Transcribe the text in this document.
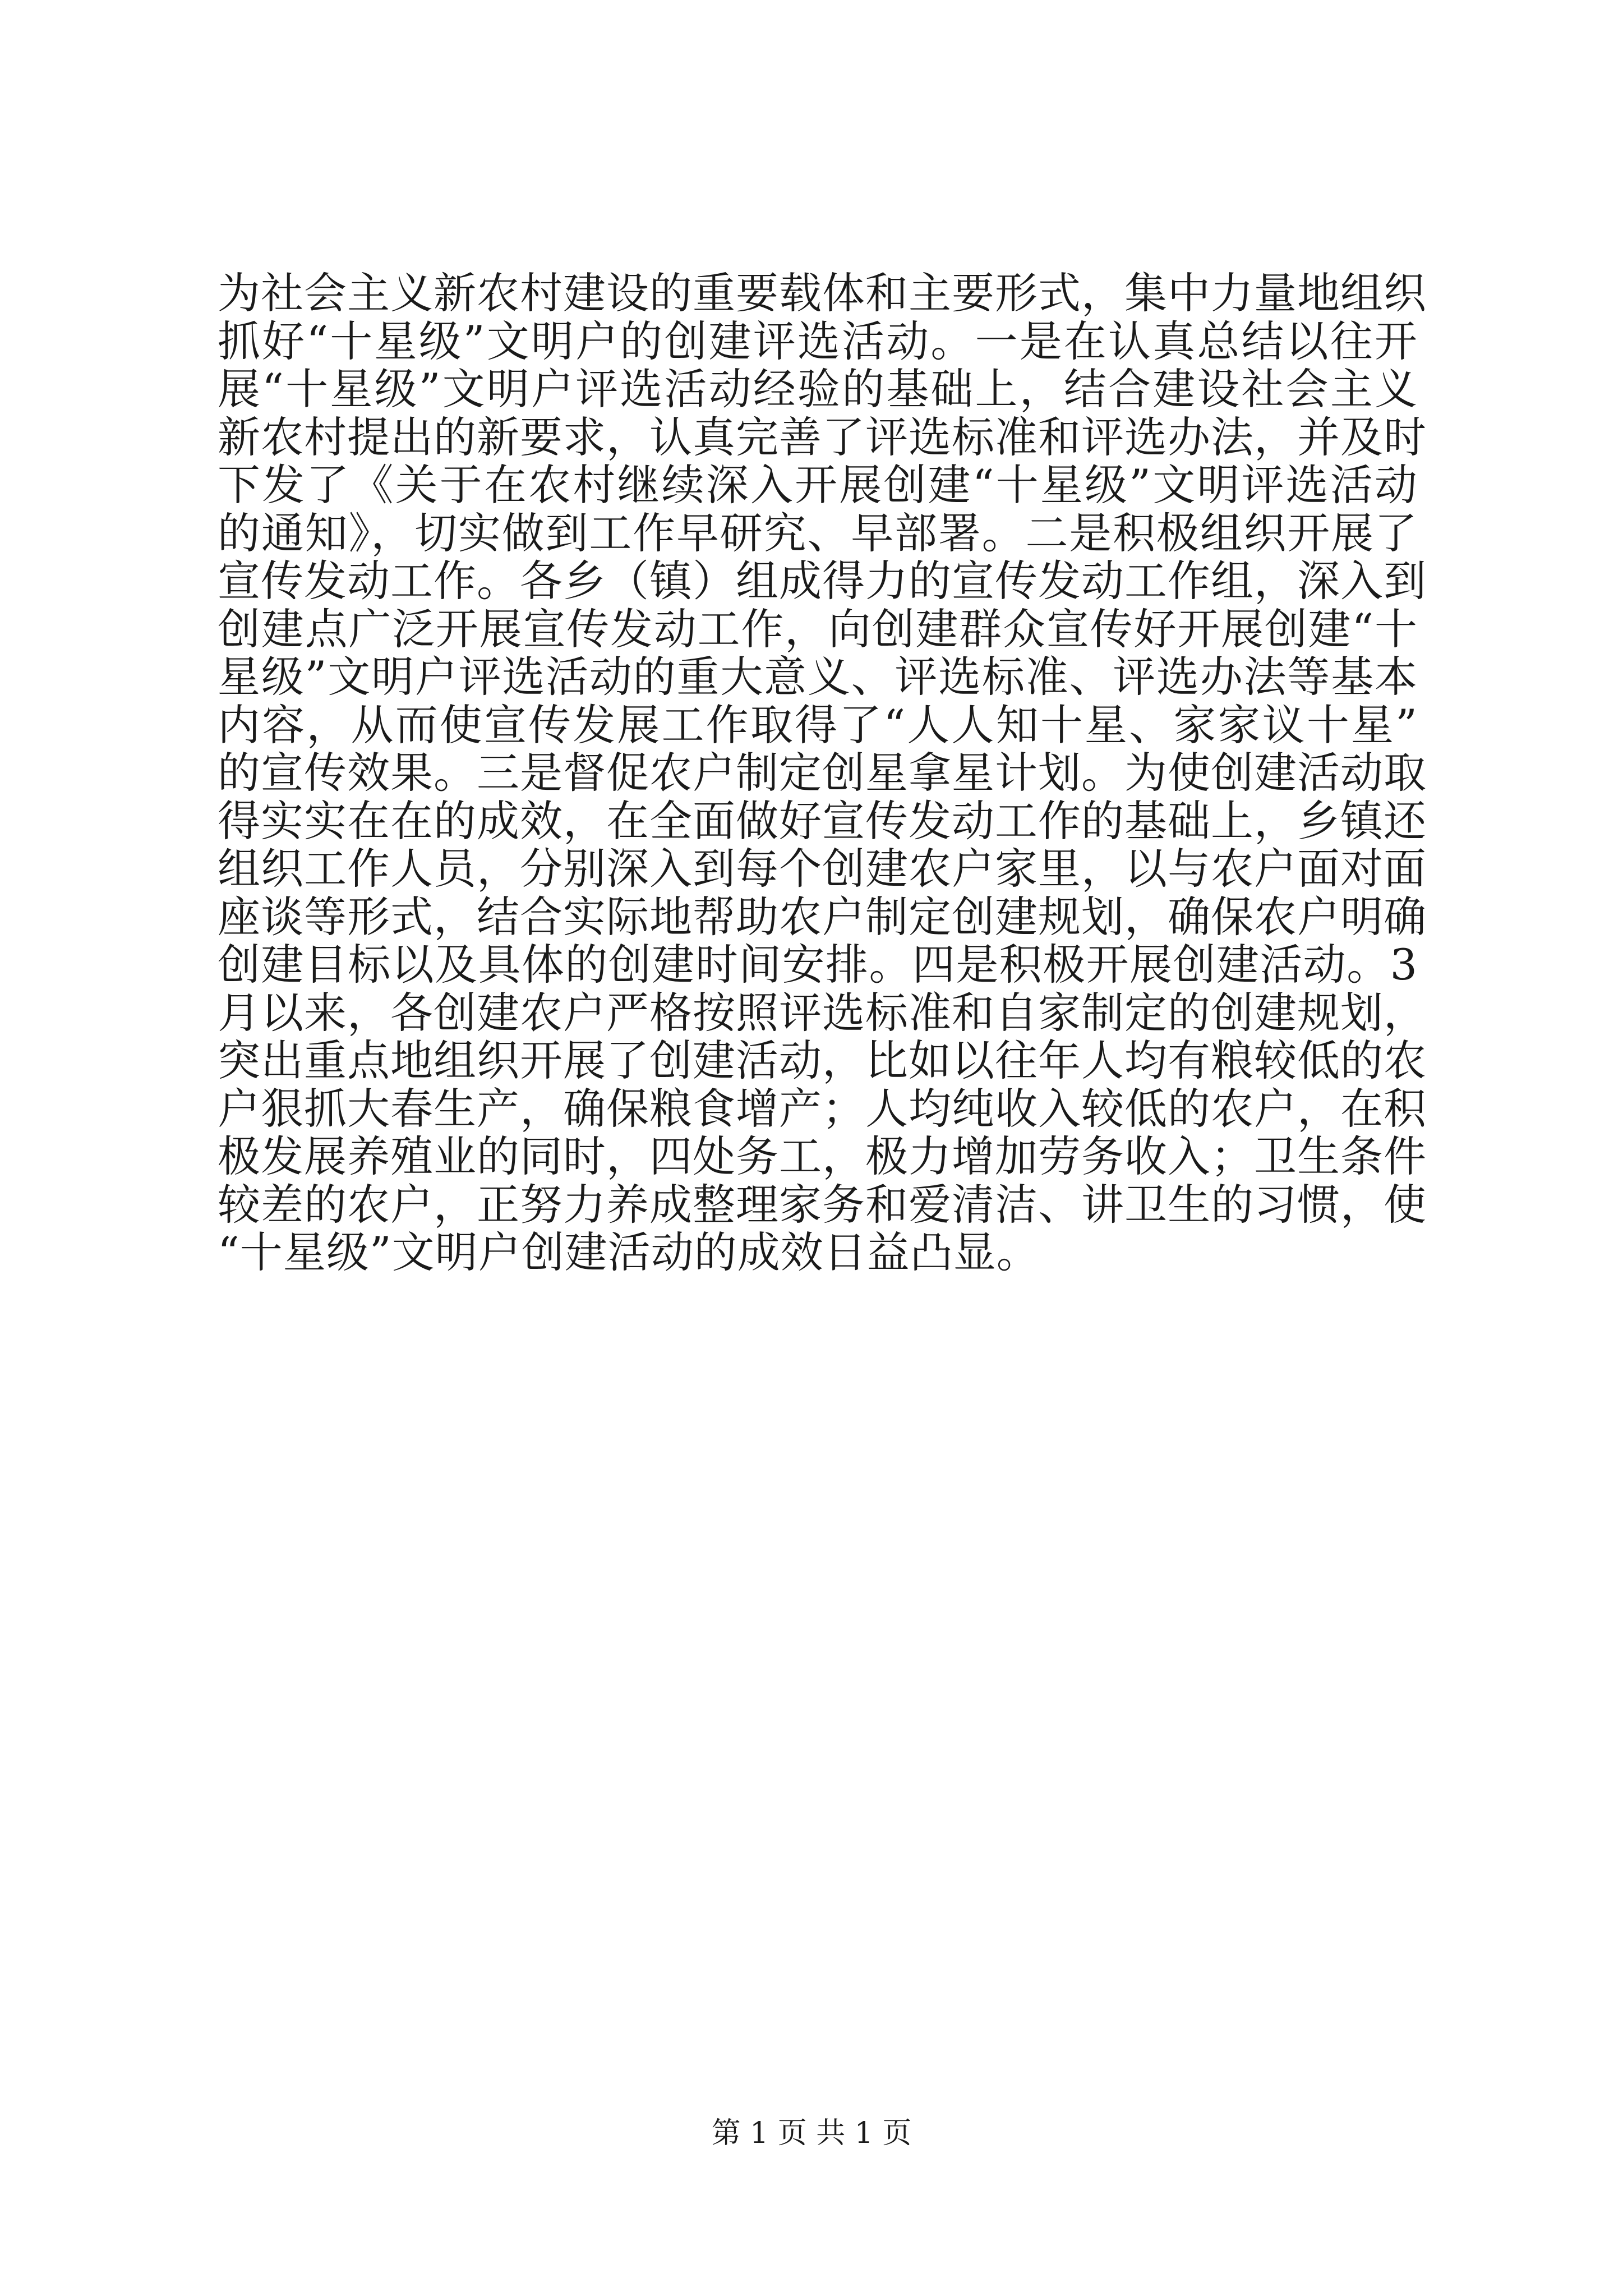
为社会主义新农村建设的重要载体和主要形式，集中力量地组织
抓好“十星级”文明户的创建评选活动。一是在认真总结以往开
展“十星级”文明户评选活动经验的基础上，结合建设社会主义
新农村提出的新要求，认真完善了评选标准和评选办法，并及时
下发了《关于在农村继续深入开展创建“十星级”文明评选活动
的通知》，切实做到工作早研究、早部署。二是积极组织开展了
宣传发动工作。各乡（镇）组成得力的宣传发动工作组，深入到
创建点广泛开展宣传发动工作，向创建群众宣传好开展创建“十
星级”文明户评选活动的重大意义、评选标准、评选办法等基本
内容，从而使宣传发展工作取得了“人人知十星、家家议十星”
的宣传效果。三是督促农户制定创星拿星计划。为使创建活动取
得实实在在的成效，在全面做好宣传发动工作的基础上，乡镇还
组织工作人员，分别深入到每个创建农户家里，以与农户面对面
座谈等形式，结合实际地帮助农户制定创建规划，确保农户明确
创建目标以及具体的创建时间安排。四是积极开展创建活动。3
月以来，各创建农户严格按照评选标准和自家制定的创建规划，
突出重点地组织开展了创建活动，比如以往年人均有粮较低的农
户狠抓大春生产，确保粮食增产；人均纯收入较低的农户，在积
极发展养殖业的同时，四处务工，极力增加劳务收入；卫生条件
较差的农户，正努力养成整理家务和爱清洁、讲卫生的习惯，使
“十星级”文明户创建活动的成效日益凸显。
第 1 页 共 1 页
